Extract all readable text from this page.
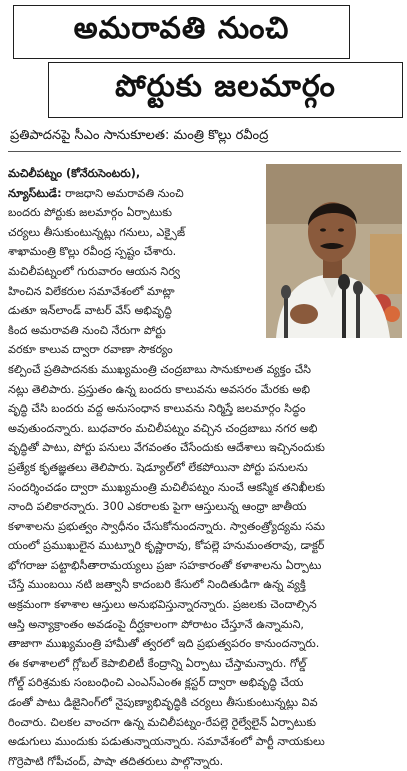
అమరావతి నుంచి
పోర్టుకు జలమార్గం
ప్రతిపాదనపై సీఎం సానుకూలత: మంత్రి కొల్లు రవీంద్ర
మచిలీపట్నం (కోనేరుసెంటరు),
న్యూస్‌టుడే: రాజధాని అమరావతి నుంచి
బందరు పోర్టుకు జలమార్గం ఏర్పాటుకు
చర్యలు తీసుకుంటున్నట్లు గనులు, ఎక్సైజ్
శాఖామంత్రి కొల్లు రవీంద్ర స్పష్టం చేశారు.
మచిలీపట్నంలో గురువారం ఆయన నిర్వ
హించిన విలేకరుల సమావేశంలో మాట్లా
డుతూ ఇన్‌లాండ్ వాటర్ వేస్ అభివృద్ధి
కింద అమరావతి నుంచి నేరుగా పోర్టు
వరకూ కాలువ ద్వారా రవాణా సౌకర్యం
కల్పించే ప్రతిపాదనకు ముఖ్యమంత్రి చంద్రబాబు సానుకూలత వ్యక్తం చేసి
నట్లు తెలిపారు. ప్రస్తుతం ఉన్న బందరు కాలువను అవసరం మేరకు అభి
వృద్ధి చేసి బందరు వద్ద అనుసంధాన కాలువను నిర్మిస్తే జలమార్గం సిద్ధం
అవుతుందన్నారు. బుధవారం మచిలీపట్నం వచ్చిన చంద్రబాబు నగర అభి
వృద్ధితో పాటు, పోర్టు పనులు వేగవంతం చేసేందుకు ఆదేశాలు ఇచ్చినందుకు
ప్రత్యేక కృతజ్ఞతలు తెలిపారు. షెడ్యూల్‌లో లేకపోయినా పోర్టు పనులను
సందర్శించడం ద్వారా ముఖ్యమంత్రి మచిలీపట్నం నుంచే ఆకస్మిక తనిఖీలకు
నాంది పలికారన్నారు. 300 ఎకరాలకు పైగా ఆస్తులున్న ఆంధ్రా జాతీయ
కళాశాలను ప్రభుత్వం స్వాధీనం చేసుకోనుందన్నారు. స్వాతంత్ర్యోద్యమ సమ
యంలో ప్రముఖులైన ముట్నూరి కృష్ణారావు, కోపల్లె హనుమంతరావు, డాక్టర్
భోగరాజు పట్టాభిసీతారామయ్యలు ప్రజా సహకారంతో కళాశాలను ఏర్పాటు
చేస్తే ముంబయి నటి జత్వానీ కాదంబరి కేసులో నిందితుడిగా ఉన్న వ్యక్తి
అక్రమంగా కళాశాల ఆస్తులు అనుభవిస్తున్నారన్నారు. ప్రజలకు చెందాల్సిన
ఆస్తి అన్యాక్రాంతం అవడంపై దీర్ఘకాలంగా పోరాటం చేస్తూనే ఉన్నామని,
తాజాగా ముఖ్యమంత్రి హామీతో త్వరలో ఇది ప్రభుత్వపరం కానుందన్నారు.
ఈ కళాశాలలో గ్లోబల్ కెపాబిలిటీ కేంద్రాన్ని ఏర్పాటు చేస్తామన్నారు. గోల్డ్
గోల్డ్ పరిశ్రమకు సంబంధించి ఎంఎస్ఎంఈ క్లస్టర్ ద్వారా అభివృద్ధి చేయ
డంతో పాటు డిజైనింగ్‌లో నైపుణ్యాభివృద్ధికి చర్యలు తీసుకుంటున్నట్లు వివ
రించారు. చిలకల వాంచగా ఉన్న మచిలీపట్నం-రేపల్లె రైల్వేలైన్ ఏర్పాటుకు
అడుగులు ముందుకు పడుతున్నాయన్నారు. సమావేశంలో పార్టీ నాయకులు
గొర్రెపాటి గోపీచంద్, పాషా తదితరులు పాల్గొన్నారు.
